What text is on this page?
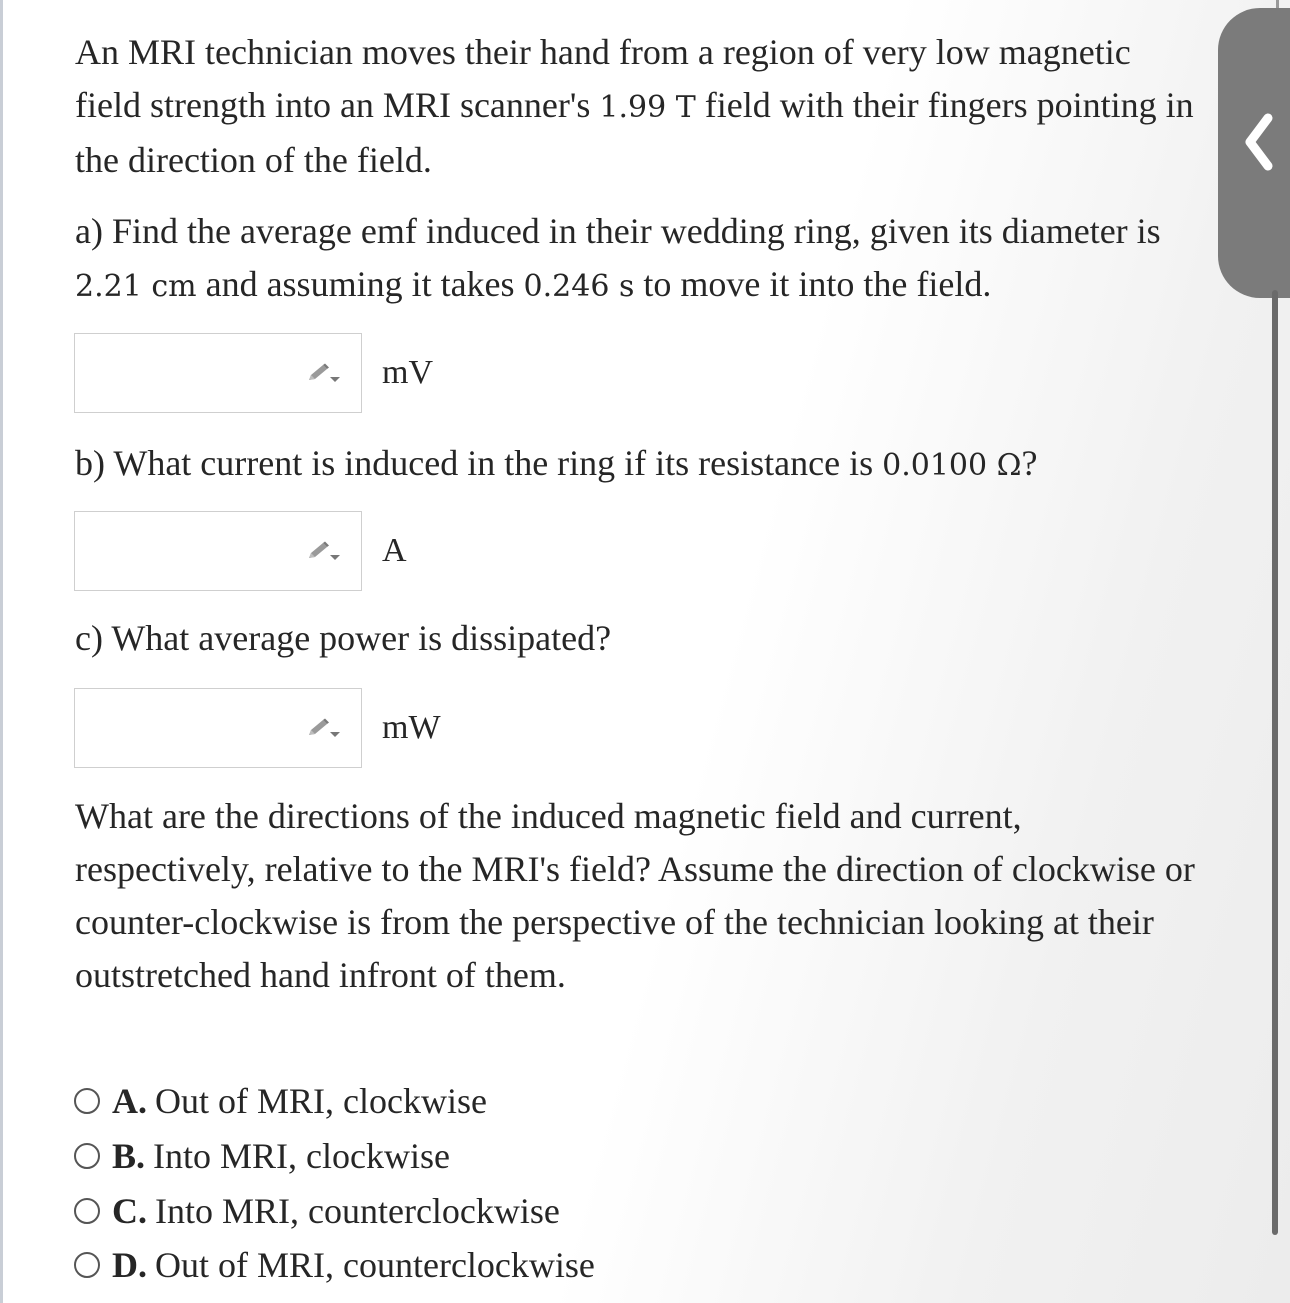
An MRI technician moves their hand from a region of very low magnetic
field strength into an MRI scanner's 1.99 T field with their fingers pointing in
the direction of the field.
a) Find the average emf induced in their wedding ring, given its diameter is
2.21 cm and assuming it takes 0.246 s to move it into the field.
mV
b) What current is induced in the ring if its resistance is 0.0100 Ω?
A
c) What average power is dissipated?
mW
What are the directions of the induced magnetic field and current,
respectively, relative to the MRI's field? Assume the direction of clockwise or
counter-clockwise is from the perspective of the technician looking at their
outstretched hand infront of them.
A. Out of MRI, clockwise
B. Into MRI, clockwise
C. Into MRI, counterclockwise
D. Out of MRI, counterclockwise
